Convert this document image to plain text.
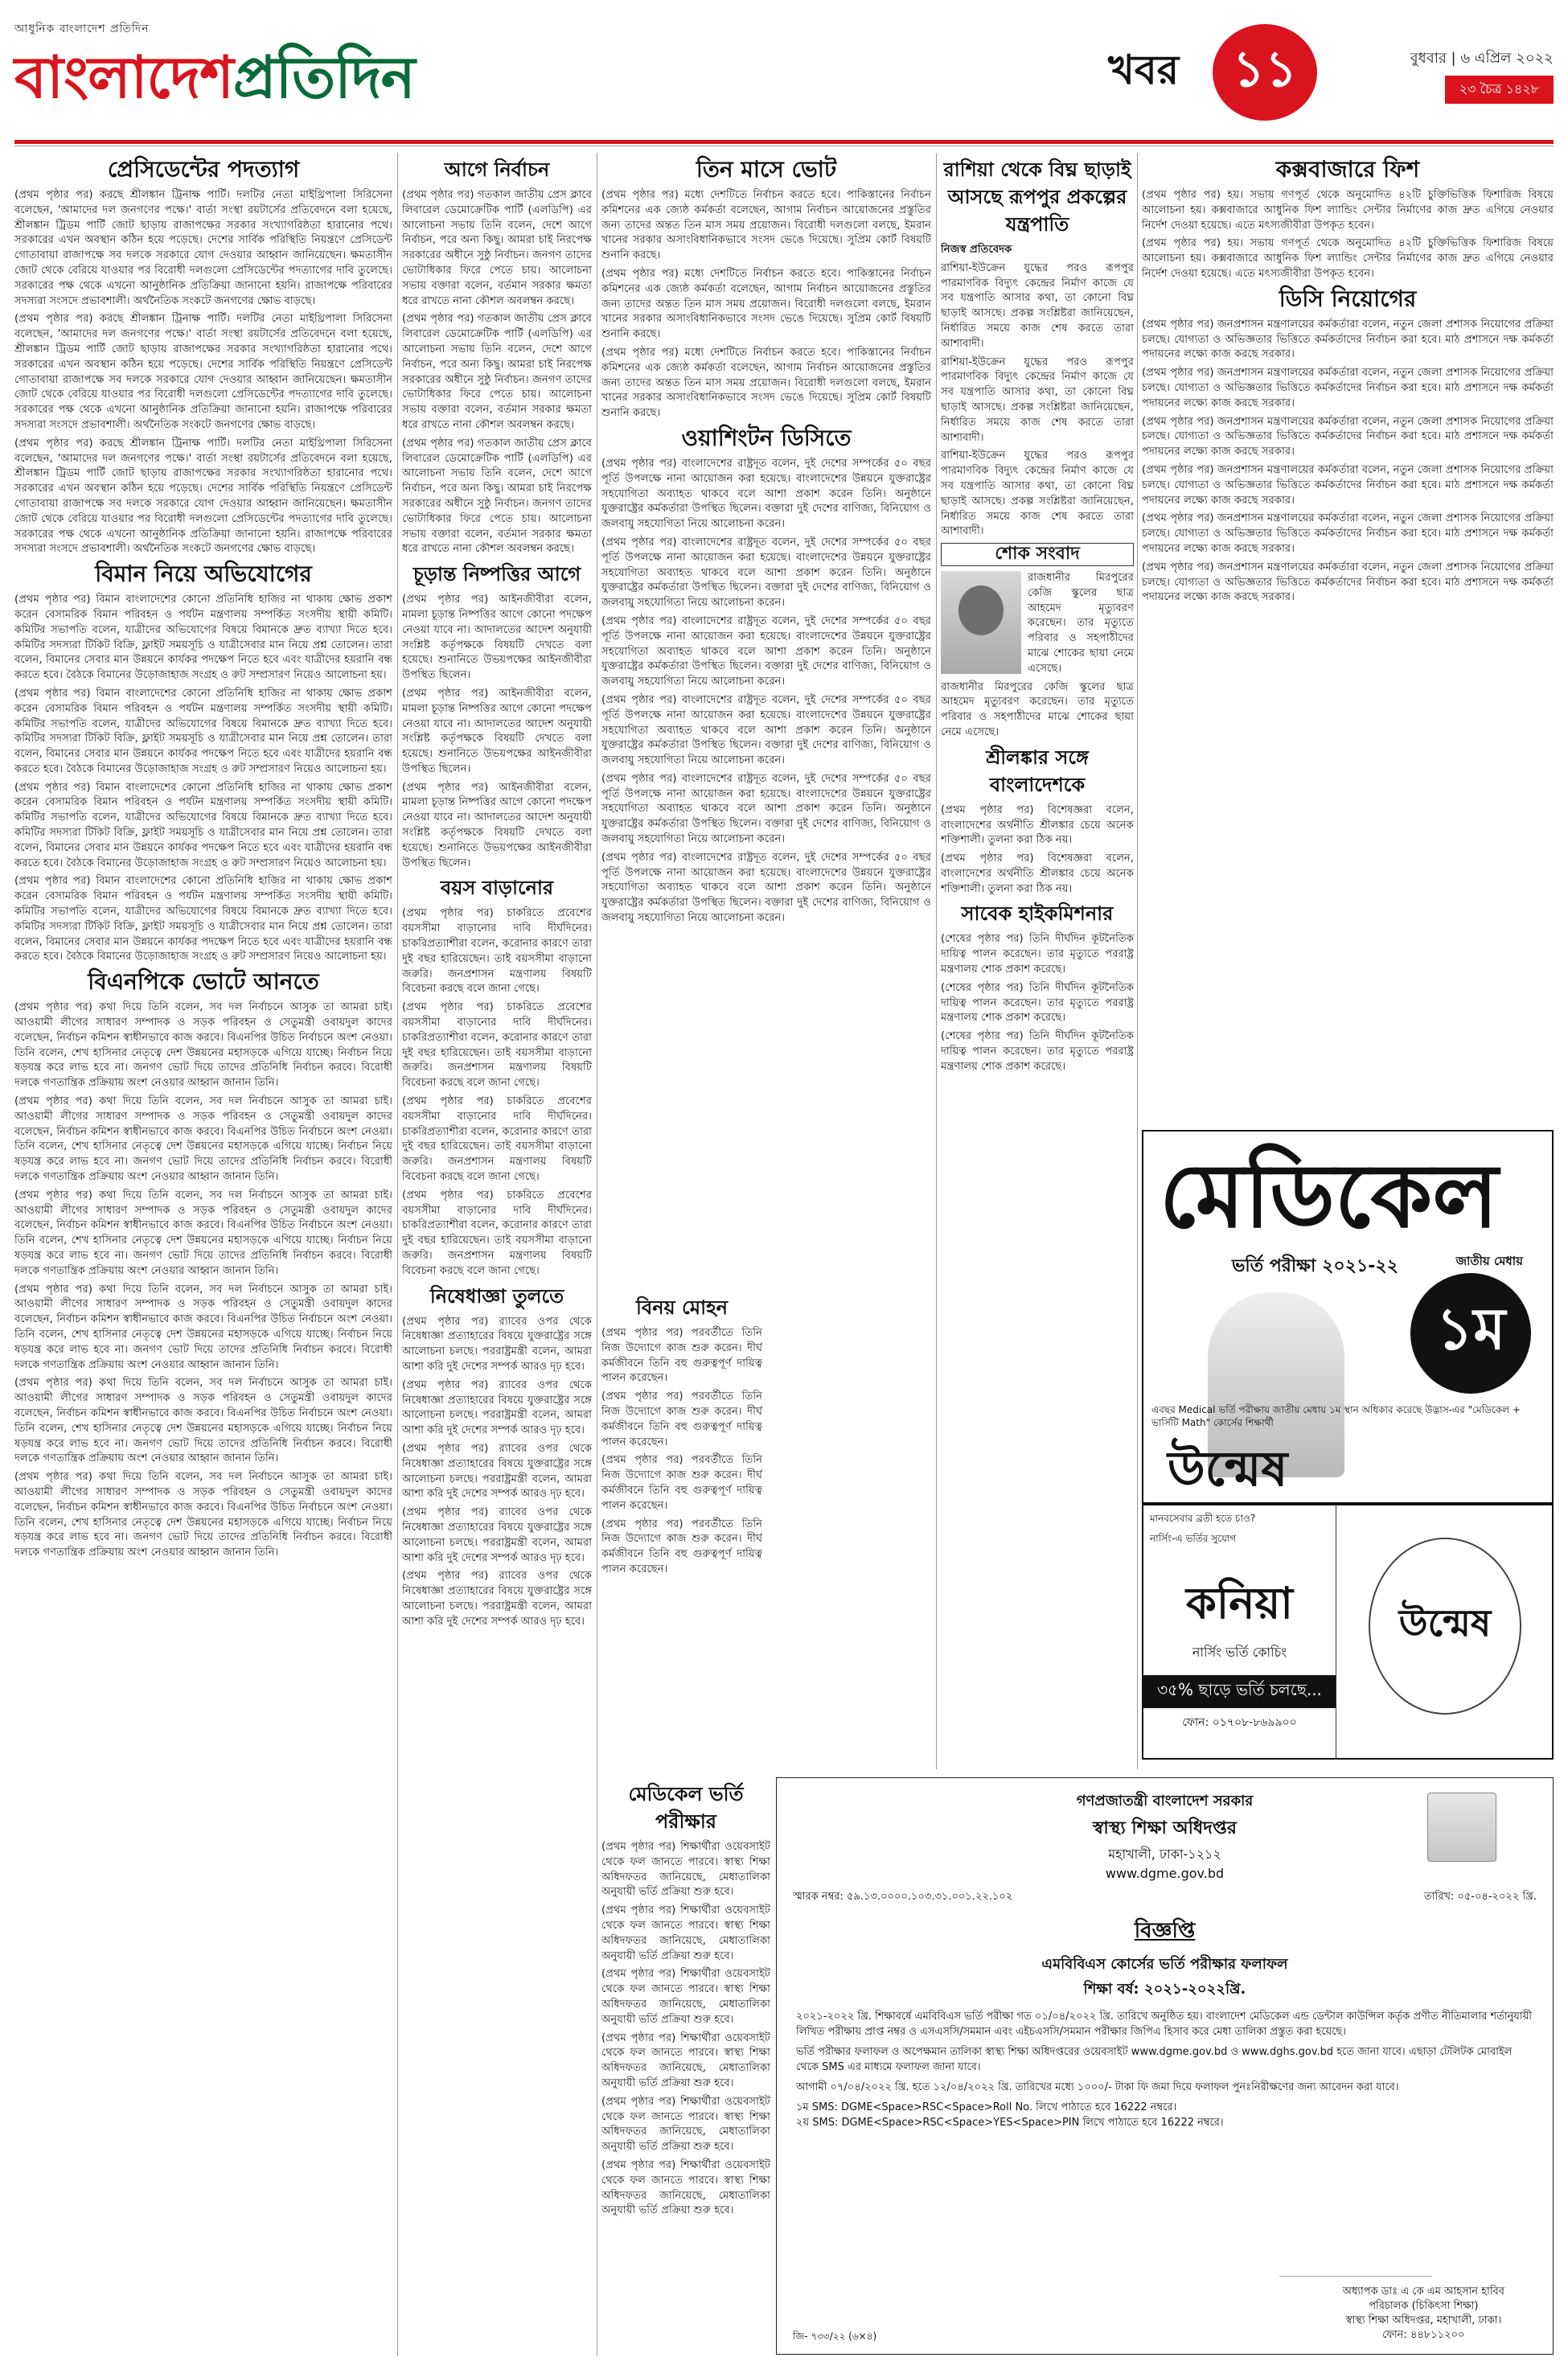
আধুনিক বাংলাদেশ প্রতিদিন
বাংলাদেশপ্রতিদিন	খবর	১১	বুধবার | ৬ এপ্রিল ২০২২
২৩ চৈত্র ১৪২৮
প্রেসিডেন্টের পদত্যাগ

(প্রথম পৃষ্ঠার পর) করছে শ্রীলঙ্কান ট্রিনাক্ষ পার্টি। দলটির নেতা মাইথ্রিপালা সিরিসেনা বলেছেন, 'আমাদের দল জনগণের পক্ষে।' বার্তা সংস্থা রয়টার্সের প্রতিবেদনে বলা হয়েছে, শ্রীলঙ্কান ট্রিডম পার্টি জোট ছাড়ায় রাজাপক্ষের সরকার সংখ্যাগরিষ্ঠতা হারানোর পথে। সরকারের এখন অবস্থান কঠিন হয়ে পড়েছে। দেশের সার্বিক পরিস্থিতি নিয়ন্ত্রণে প্রেসিডেন্ট গোতাবায়া রাজাপক্ষে সব দলকে সরকারে যোগ দেওয়ার আহ্বান জানিয়েছেন। ক্ষমতাসীন জোট থেকে বেরিয়ে যাওয়ার পর বিরোধী দলগুলো প্রেসিডেন্টের পদত্যাগের দাবি তুলেছে। সরকারের পক্ষ থেকে এখনো আনুষ্ঠানিক প্রতিক্রিয়া জানানো হয়নি। রাজাপক্ষে পরিবারের সদস্যরা সংসদে প্রভাবশালী। অর্থনৈতিক সংকটে জনগণের ক্ষোভ বাড়ছে।

(প্রথম পৃষ্ঠার পর) করছে শ্রীলঙ্কান ট্রিনাক্ষ পার্টি। দলটির নেতা মাইথ্রিপালা সিরিসেনা বলেছেন, 'আমাদের দল জনগণের পক্ষে।' বার্তা সংস্থা রয়টার্সের প্রতিবেদনে বলা হয়েছে, শ্রীলঙ্কান ট্রিডম পার্টি জোট ছাড়ায় রাজাপক্ষের সরকার সংখ্যাগরিষ্ঠতা হারানোর পথে। সরকারের এখন অবস্থান কঠিন হয়ে পড়েছে। দেশের সার্বিক পরিস্থিতি নিয়ন্ত্রণে প্রেসিডেন্ট গোতাবায়া রাজাপক্ষে সব দলকে সরকারে যোগ দেওয়ার আহ্বান জানিয়েছেন। ক্ষমতাসীন জোট থেকে বেরিয়ে যাওয়ার পর বিরোধী দলগুলো প্রেসিডেন্টের পদত্যাগের দাবি তুলেছে। সরকারের পক্ষ থেকে এখনো আনুষ্ঠানিক প্রতিক্রিয়া জানানো হয়নি। রাজাপক্ষে পরিবারের সদস্যরা সংসদে প্রভাবশালী। অর্থনৈতিক সংকটে জনগণের ক্ষোভ বাড়ছে।

(প্রথম পৃষ্ঠার পর) করছে শ্রীলঙ্কান ট্রিনাক্ষ পার্টি। দলটির নেতা মাইথ্রিপালা সিরিসেনা বলেছেন, 'আমাদের দল জনগণের পক্ষে।' বার্তা সংস্থা রয়টার্সের প্রতিবেদনে বলা হয়েছে, শ্রীলঙ্কান ট্রিডম পার্টি জোট ছাড়ায় রাজাপক্ষের সরকার সংখ্যাগরিষ্ঠতা হারানোর পথে। সরকারের এখন অবস্থান কঠিন হয়ে পড়েছে। দেশের সার্বিক পরিস্থিতি নিয়ন্ত্রণে প্রেসিডেন্ট গোতাবায়া রাজাপক্ষে সব দলকে সরকারে যোগ দেওয়ার আহ্বান জানিয়েছেন। ক্ষমতাসীন জোট থেকে বেরিয়ে যাওয়ার পর বিরোধী দলগুলো প্রেসিডেন্টের পদত্যাগের দাবি তুলেছে। সরকারের পক্ষ থেকে এখনো আনুষ্ঠানিক প্রতিক্রিয়া জানানো হয়নি। রাজাপক্ষে পরিবারের সদস্যরা সংসদে প্রভাবশালী। অর্থনৈতিক সংকটে জনগণের ক্ষোভ বাড়ছে।

বিমান নিয়ে অভিযোগের

(প্রথম পৃষ্ঠার পর) বিমান বাংলাদেশের কোনো প্রতিনিধি হাজির না থাকায় ক্ষোভ প্রকাশ করেন বেসামরিক বিমান পরিবহন ও পর্যটন মন্ত্রণালয় সম্পর্কিত সংসদীয় স্থায়ী কমিটি। কমিটির সভাপতি বলেন, যাত্রীদের অভিযোগের বিষয়ে বিমানকে দ্রুত ব্যাখ্যা দিতে হবে। কমিটির সদস্যরা টিকিট বিক্রি, ফ্লাইট সময়সূচি ও যাত্রীসেবার মান নিয়ে প্রশ্ন তোলেন। তারা বলেন, বিমানের সেবার মান উন্নয়নে কার্যকর পদক্ষেপ নিতে হবে এবং যাত্রীদের হয়রানি বন্ধ করতে হবে। বৈঠকে বিমানের উড়োজাহাজ সংগ্রহ ও রুট সম্প্রসারণ নিয়েও আলোচনা হয়।

(প্রথম পৃষ্ঠার পর) বিমান বাংলাদেশের কোনো প্রতিনিধি হাজির না থাকায় ক্ষোভ প্রকাশ করেন বেসামরিক বিমান পরিবহন ও পর্যটন মন্ত্রণালয় সম্পর্কিত সংসদীয় স্থায়ী কমিটি। কমিটির সভাপতি বলেন, যাত্রীদের অভিযোগের বিষয়ে বিমানকে দ্রুত ব্যাখ্যা দিতে হবে। কমিটির সদস্যরা টিকিট বিক্রি, ফ্লাইট সময়সূচি ও যাত্রীসেবার মান নিয়ে প্রশ্ন তোলেন। তারা বলেন, বিমানের সেবার মান উন্নয়নে কার্যকর পদক্ষেপ নিতে হবে এবং যাত্রীদের হয়রানি বন্ধ করতে হবে। বৈঠকে বিমানের উড়োজাহাজ সংগ্রহ ও রুট সম্প্রসারণ নিয়েও আলোচনা হয়।

(প্রথম পৃষ্ঠার পর) বিমান বাংলাদেশের কোনো প্রতিনিধি হাজির না থাকায় ক্ষোভ প্রকাশ করেন বেসামরিক বিমান পরিবহন ও পর্যটন মন্ত্রণালয় সম্পর্কিত সংসদীয় স্থায়ী কমিটি। কমিটির সভাপতি বলেন, যাত্রীদের অভিযোগের বিষয়ে বিমানকে দ্রুত ব্যাখ্যা দিতে হবে। কমিটির সদস্যরা টিকিট বিক্রি, ফ্লাইট সময়সূচি ও যাত্রীসেবার মান নিয়ে প্রশ্ন তোলেন। তারা বলেন, বিমানের সেবার মান উন্নয়নে কার্যকর পদক্ষেপ নিতে হবে এবং যাত্রীদের হয়রানি বন্ধ করতে হবে। বৈঠকে বিমানের উড়োজাহাজ সংগ্রহ ও রুট সম্প্রসারণ নিয়েও আলোচনা হয়।

(প্রথম পৃষ্ঠার পর) বিমান বাংলাদেশের কোনো প্রতিনিধি হাজির না থাকায় ক্ষোভ প্রকাশ করেন বেসামরিক বিমান পরিবহন ও পর্যটন মন্ত্রণালয় সম্পর্কিত সংসদীয় স্থায়ী কমিটি। কমিটির সভাপতি বলেন, যাত্রীদের অভিযোগের বিষয়ে বিমানকে দ্রুত ব্যাখ্যা দিতে হবে। কমিটির সদস্যরা টিকিট বিক্রি, ফ্লাইট সময়সূচি ও যাত্রীসেবার মান নিয়ে প্রশ্ন তোলেন। তারা বলেন, বিমানের সেবার মান উন্নয়নে কার্যকর পদক্ষেপ নিতে হবে এবং যাত্রীদের হয়রানি বন্ধ করতে হবে। বৈঠকে বিমানের উড়োজাহাজ সংগ্রহ ও রুট সম্প্রসারণ নিয়েও আলোচনা হয়।

বিএনপিকে ভোটে আনতে

(প্রথম পৃষ্ঠার পর) কথা দিয়ে তিনি বলেন, সব দল নির্বাচনে আসুক তা আমরা চাই। আওয়ামী লীগের সাধারণ সম্পাদক ও সড়ক পরিবহন ও সেতুমন্ত্রী ওবায়দুল কাদের বলেছেন, নির্বাচন কমিশন স্বাধীনভাবে কাজ করবে। বিএনপির উচিত নির্বাচনে অংশ নেওয়া। তিনি বলেন, শেখ হাসিনার নেতৃত্বে দেশ উন্নয়নের মহাসড়কে এগিয়ে যাচ্ছে। নির্বাচন নিয়ে ষড়যন্ত্র করে লাভ হবে না। জনগণ ভোট দিয়ে তাদের প্রতিনিধি নির্বাচন করবে। বিরোধী দলকে গণতান্ত্রিক প্রক্রিয়ায় অংশ নেওয়ার আহ্বান জানান তিনি।

(প্রথম পৃষ্ঠার পর) কথা দিয়ে তিনি বলেন, সব দল নির্বাচনে আসুক তা আমরা চাই। আওয়ামী লীগের সাধারণ সম্পাদক ও সড়ক পরিবহন ও সেতুমন্ত্রী ওবায়দুল কাদের বলেছেন, নির্বাচন কমিশন স্বাধীনভাবে কাজ করবে। বিএনপির উচিত নির্বাচনে অংশ নেওয়া। তিনি বলেন, শেখ হাসিনার নেতৃত্বে দেশ উন্নয়নের মহাসড়কে এগিয়ে যাচ্ছে। নির্বাচন নিয়ে ষড়যন্ত্র করে লাভ হবে না। জনগণ ভোট দিয়ে তাদের প্রতিনিধি নির্বাচন করবে। বিরোধী দলকে গণতান্ত্রিক প্রক্রিয়ায় অংশ নেওয়ার আহ্বান জানান তিনি।

(প্রথম পৃষ্ঠার পর) কথা দিয়ে তিনি বলেন, সব দল নির্বাচনে আসুক তা আমরা চাই। আওয়ামী লীগের সাধারণ সম্পাদক ও সড়ক পরিবহন ও সেতুমন্ত্রী ওবায়দুল কাদের বলেছেন, নির্বাচন কমিশন স্বাধীনভাবে কাজ করবে। বিএনপির উচিত নির্বাচনে অংশ নেওয়া। তিনি বলেন, শেখ হাসিনার নেতৃত্বে দেশ উন্নয়নের মহাসড়কে এগিয়ে যাচ্ছে। নির্বাচন নিয়ে ষড়যন্ত্র করে লাভ হবে না। জনগণ ভোট দিয়ে তাদের প্রতিনিধি নির্বাচন করবে। বিরোধী দলকে গণতান্ত্রিক প্রক্রিয়ায় অংশ নেওয়ার আহ্বান জানান তিনি।

(প্রথম পৃষ্ঠার পর) কথা দিয়ে তিনি বলেন, সব দল নির্বাচনে আসুক তা আমরা চাই। আওয়ামী লীগের সাধারণ সম্পাদক ও সড়ক পরিবহন ও সেতুমন্ত্রী ওবায়দুল কাদের বলেছেন, নির্বাচন কমিশন স্বাধীনভাবে কাজ করবে। বিএনপির উচিত নির্বাচনে অংশ নেওয়া। তিনি বলেন, শেখ হাসিনার নেতৃত্বে দেশ উন্নয়নের মহাসড়কে এগিয়ে যাচ্ছে। নির্বাচন নিয়ে ষড়যন্ত্র করে লাভ হবে না। জনগণ ভোট দিয়ে তাদের প্রতিনিধি নির্বাচন করবে। বিরোধী দলকে গণতান্ত্রিক প্রক্রিয়ায় অংশ নেওয়ার আহ্বান জানান তিনি।

(প্রথম পৃষ্ঠার পর) কথা দিয়ে তিনি বলেন, সব দল নির্বাচনে আসুক তা আমরা চাই। আওয়ামী লীগের সাধারণ সম্পাদক ও সড়ক পরিবহন ও সেতুমন্ত্রী ওবায়দুল কাদের বলেছেন, নির্বাচন কমিশন স্বাধীনভাবে কাজ করবে। বিএনপির উচিত নির্বাচনে অংশ নেওয়া। তিনি বলেন, শেখ হাসিনার নেতৃত্বে দেশ উন্নয়নের মহাসড়কে এগিয়ে যাচ্ছে। নির্বাচন নিয়ে ষড়যন্ত্র করে লাভ হবে না। জনগণ ভোট দিয়ে তাদের প্রতিনিধি নির্বাচন করবে। বিরোধী দলকে গণতান্ত্রিক প্রক্রিয়ায় অংশ নেওয়ার আহ্বান জানান তিনি।

(প্রথম পৃষ্ঠার পর) কথা দিয়ে তিনি বলেন, সব দল নির্বাচনে আসুক তা আমরা চাই। আওয়ামী লীগের সাধারণ সম্পাদক ও সড়ক পরিবহন ও সেতুমন্ত্রী ওবায়দুল কাদের বলেছেন, নির্বাচন কমিশন স্বাধীনভাবে কাজ করবে। বিএনপির উচিত নির্বাচনে অংশ নেওয়া। তিনি বলেন, শেখ হাসিনার নেতৃত্বে দেশ উন্নয়নের মহাসড়কে এগিয়ে যাচ্ছে। নির্বাচন নিয়ে ষড়যন্ত্র করে লাভ হবে না। জনগণ ভোট দিয়ে তাদের প্রতিনিধি নির্বাচন করবে। বিরোধী দলকে গণতান্ত্রিক প্রক্রিয়ায় অংশ নেওয়ার আহ্বান জানান তিনি।

আগে নির্বাচন

(প্রথম পৃষ্ঠার পর) গতকাল জাতীয় প্রেস ক্লাবে লিবারেল ডেমোক্রেটিক পার্টি (এলডিপি) এর আলোচনা সভায় তিনি বলেন, দেশে আগে নির্বাচন, পরে অন্য কিছু। আমরা চাই নিরপেক্ষ সরকারের অধীনে সুষ্ঠু নির্বাচন। জনগণ তাদের ভোটাধিকার ফিরে পেতে চায়। আলোচনা সভায় বক্তারা বলেন, বর্তমান সরকার ক্ষমতা ধরে রাখতে নানা কৌশল অবলম্বন করছে।

(প্রথম পৃষ্ঠার পর) গতকাল জাতীয় প্রেস ক্লাবে লিবারেল ডেমোক্রেটিক পার্টি (এলডিপি) এর আলোচনা সভায় তিনি বলেন, দেশে আগে নির্বাচন, পরে অন্য কিছু। আমরা চাই নিরপেক্ষ সরকারের অধীনে সুষ্ঠু নির্বাচন। জনগণ তাদের ভোটাধিকার ফিরে পেতে চায়। আলোচনা সভায় বক্তারা বলেন, বর্তমান সরকার ক্ষমতা ধরে রাখতে নানা কৌশল অবলম্বন করছে।

(প্রথম পৃষ্ঠার পর) গতকাল জাতীয় প্রেস ক্লাবে লিবারেল ডেমোক্রেটিক পার্টি (এলডিপি) এর আলোচনা সভায় তিনি বলেন, দেশে আগে নির্বাচন, পরে অন্য কিছু। আমরা চাই নিরপেক্ষ সরকারের অধীনে সুষ্ঠু নির্বাচন। জনগণ তাদের ভোটাধিকার ফিরে পেতে চায়। আলোচনা সভায় বক্তারা বলেন, বর্তমান সরকার ক্ষমতা ধরে রাখতে নানা কৌশল অবলম্বন করছে।

চূড়ান্ত নিষ্পত্তির আগে

(প্রথম পৃষ্ঠার পর) আইনজীবীরা বলেন, মামলা চূড়ান্ত নিষ্পত্তির আগে কোনো পদক্ষেপ নেওয়া যাবে না। আদালতের আদেশ অনুযায়ী সংশ্লিষ্ট কর্তৃপক্ষকে বিষয়টি দেখতে বলা হয়েছে। শুনানিতে উভয়পক্ষের আইনজীবীরা উপস্থিত ছিলেন।

(প্রথম পৃষ্ঠার পর) আইনজীবীরা বলেন, মামলা চূড়ান্ত নিষ্পত্তির আগে কোনো পদক্ষেপ নেওয়া যাবে না। আদালতের আদেশ অনুযায়ী সংশ্লিষ্ট কর্তৃপক্ষকে বিষয়টি দেখতে বলা হয়েছে। শুনানিতে উভয়পক্ষের আইনজীবীরা উপস্থিত ছিলেন।

(প্রথম পৃষ্ঠার পর) আইনজীবীরা বলেন, মামলা চূড়ান্ত নিষ্পত্তির আগে কোনো পদক্ষেপ নেওয়া যাবে না। আদালতের আদেশ অনুযায়ী সংশ্লিষ্ট কর্তৃপক্ষকে বিষয়টি দেখতে বলা হয়েছে। শুনানিতে উভয়পক্ষের আইনজীবীরা উপস্থিত ছিলেন।

বয়স বাড়ানোর

(প্রথম পৃষ্ঠার পর) চাকরিতে প্রবেশের বয়সসীমা বাড়ানোর দাবি দীর্ঘদিনের। চাকরিপ্রত্যাশীরা বলেন, করোনার কারণে তারা দুই বছর হারিয়েছেন। তাই বয়সসীমা বাড়ানো জরুরি। জনপ্রশাসন মন্ত্রণালয় বিষয়টি বিবেচনা করছে বলে জানা গেছে।

(প্রথম পৃষ্ঠার পর) চাকরিতে প্রবেশের বয়সসীমা বাড়ানোর দাবি দীর্ঘদিনের। চাকরিপ্রত্যাশীরা বলেন, করোনার কারণে তারা দুই বছর হারিয়েছেন। তাই বয়সসীমা বাড়ানো জরুরি। জনপ্রশাসন মন্ত্রণালয় বিষয়টি বিবেচনা করছে বলে জানা গেছে।

(প্রথম পৃষ্ঠার পর) চাকরিতে প্রবেশের বয়সসীমা বাড়ানোর দাবি দীর্ঘদিনের। চাকরিপ্রত্যাশীরা বলেন, করোনার কারণে তারা দুই বছর হারিয়েছেন। তাই বয়সসীমা বাড়ানো জরুরি। জনপ্রশাসন মন্ত্রণালয় বিষয়টি বিবেচনা করছে বলে জানা গেছে।

(প্রথম পৃষ্ঠার পর) চাকরিতে প্রবেশের বয়সসীমা বাড়ানোর দাবি দীর্ঘদিনের। চাকরিপ্রত্যাশীরা বলেন, করোনার কারণে তারা দুই বছর হারিয়েছেন। তাই বয়সসীমা বাড়ানো জরুরি। জনপ্রশাসন মন্ত্রণালয় বিষয়টি বিবেচনা করছে বলে জানা গেছে।

নিষেধাজ্ঞা তুলতে

(প্রথম পৃষ্ঠার পর) র‍্যাবের ওপর থেকে নিষেধাজ্ঞা প্রত্যাহারের বিষয়ে যুক্তরাষ্ট্রের সঙ্গে আলোচনা চলছে। পররাষ্ট্রমন্ত্রী বলেন, আমরা আশা করি দুই দেশের সম্পর্ক আরও দৃঢ় হবে।

(প্রথম পৃষ্ঠার পর) র‍্যাবের ওপর থেকে নিষেধাজ্ঞা প্রত্যাহারের বিষয়ে যুক্তরাষ্ট্রের সঙ্গে আলোচনা চলছে। পররাষ্ট্রমন্ত্রী বলেন, আমরা আশা করি দুই দেশের সম্পর্ক আরও দৃঢ় হবে।

(প্রথম পৃষ্ঠার পর) র‍্যাবের ওপর থেকে নিষেধাজ্ঞা প্রত্যাহারের বিষয়ে যুক্তরাষ্ট্রের সঙ্গে আলোচনা চলছে। পররাষ্ট্রমন্ত্রী বলেন, আমরা আশা করি দুই দেশের সম্পর্ক আরও দৃঢ় হবে।

(প্রথম পৃষ্ঠার পর) র‍্যাবের ওপর থেকে নিষেধাজ্ঞা প্রত্যাহারের বিষয়ে যুক্তরাষ্ট্রের সঙ্গে আলোচনা চলছে। পররাষ্ট্রমন্ত্রী বলেন, আমরা আশা করি দুই দেশের সম্পর্ক আরও দৃঢ় হবে।

(প্রথম পৃষ্ঠার পর) র‍্যাবের ওপর থেকে নিষেধাজ্ঞা প্রত্যাহারের বিষয়ে যুক্তরাষ্ট্রের সঙ্গে আলোচনা চলছে। পররাষ্ট্রমন্ত্রী বলেন, আমরা আশা করি দুই দেশের সম্পর্ক আরও দৃঢ় হবে।

তিন মাসে ভোট

(প্রথম পৃষ্ঠার পর) মধ্যে দেশটিতে নির্বাচন করতে হবে। পাকিস্তানের নির্বাচন কমিশনের এক জ্যেষ্ঠ কর্মকর্তা বলেছেন, আগাম নির্বাচন আয়োজনের প্রস্তুতির জন্য তাদের অন্তত তিন মাস সময় প্রয়োজন। বিরোধী দলগুলো বলছে, ইমরান খানের সরকার অসাংবিধানিকভাবে সংসদ ভেঙে দিয়েছে। সুপ্রিম কোর্ট বিষয়টি শুনানি করছে।

(প্রথম পৃষ্ঠার পর) মধ্যে দেশটিতে নির্বাচন করতে হবে। পাকিস্তানের নির্বাচন কমিশনের এক জ্যেষ্ঠ কর্মকর্তা বলেছেন, আগাম নির্বাচন আয়োজনের প্রস্তুতির জন্য তাদের অন্তত তিন মাস সময় প্রয়োজন। বিরোধী দলগুলো বলছে, ইমরান খানের সরকার অসাংবিধানিকভাবে সংসদ ভেঙে দিয়েছে। সুপ্রিম কোর্ট বিষয়টি শুনানি করছে।

(প্রথম পৃষ্ঠার পর) মধ্যে দেশটিতে নির্বাচন করতে হবে। পাকিস্তানের নির্বাচন কমিশনের এক জ্যেষ্ঠ কর্মকর্তা বলেছেন, আগাম নির্বাচন আয়োজনের প্রস্তুতির জন্য তাদের অন্তত তিন মাস সময় প্রয়োজন। বিরোধী দলগুলো বলছে, ইমরান খানের সরকার অসাংবিধানিকভাবে সংসদ ভেঙে দিয়েছে। সুপ্রিম কোর্ট বিষয়টি শুনানি করছে।

ওয়াশিংটন ডিসিতে

(প্রথম পৃষ্ঠার পর) বাংলাদেশের রাষ্ট্রদূত বলেন, দুই দেশের সম্পর্কের ৫০ বছর পূর্তি উপলক্ষে নানা আয়োজন করা হয়েছে। বাংলাদেশের উন্নয়নে যুক্তরাষ্ট্রের সহযোগিতা অব্যাহত থাকবে বলে আশা প্রকাশ করেন তিনি। অনুষ্ঠানে যুক্তরাষ্ট্রের কর্মকর্তারা উপস্থিত ছিলেন। বক্তারা দুই দেশের বাণিজ্য, বিনিয়োগ ও জলবায়ু সহযোগিতা নিয়ে আলোচনা করেন।

(প্রথম পৃষ্ঠার পর) বাংলাদেশের রাষ্ট্রদূত বলেন, দুই দেশের সম্পর্কের ৫০ বছর পূর্তি উপলক্ষে নানা আয়োজন করা হয়েছে। বাংলাদেশের উন্নয়নে যুক্তরাষ্ট্রের সহযোগিতা অব্যাহত থাকবে বলে আশা প্রকাশ করেন তিনি। অনুষ্ঠানে যুক্তরাষ্ট্রের কর্মকর্তারা উপস্থিত ছিলেন। বক্তারা দুই দেশের বাণিজ্য, বিনিয়োগ ও জলবায়ু সহযোগিতা নিয়ে আলোচনা করেন।

(প্রথম পৃষ্ঠার পর) বাংলাদেশের রাষ্ট্রদূত বলেন, দুই দেশের সম্পর্কের ৫০ বছর পূর্তি উপলক্ষে নানা আয়োজন করা হয়েছে। বাংলাদেশের উন্নয়নে যুক্তরাষ্ট্রের সহযোগিতা অব্যাহত থাকবে বলে আশা প্রকাশ করেন তিনি। অনুষ্ঠানে যুক্তরাষ্ট্রের কর্মকর্তারা উপস্থিত ছিলেন। বক্তারা দুই দেশের বাণিজ্য, বিনিয়োগ ও জলবায়ু সহযোগিতা নিয়ে আলোচনা করেন।

(প্রথম পৃষ্ঠার পর) বাংলাদেশের রাষ্ট্রদূত বলেন, দুই দেশের সম্পর্কের ৫০ বছর পূর্তি উপলক্ষে নানা আয়োজন করা হয়েছে। বাংলাদেশের উন্নয়নে যুক্তরাষ্ট্রের সহযোগিতা অব্যাহত থাকবে বলে আশা প্রকাশ করেন তিনি। অনুষ্ঠানে যুক্তরাষ্ট্রের কর্মকর্তারা উপস্থিত ছিলেন। বক্তারা দুই দেশের বাণিজ্য, বিনিয়োগ ও জলবায়ু সহযোগিতা নিয়ে আলোচনা করেন।

(প্রথম পৃষ্ঠার পর) বাংলাদেশের রাষ্ট্রদূত বলেন, দুই দেশের সম্পর্কের ৫০ বছর পূর্তি উপলক্ষে নানা আয়োজন করা হয়েছে। বাংলাদেশের উন্নয়নে যুক্তরাষ্ট্রের সহযোগিতা অব্যাহত থাকবে বলে আশা প্রকাশ করেন তিনি। অনুষ্ঠানে যুক্তরাষ্ট্রের কর্মকর্তারা উপস্থিত ছিলেন। বক্তারা দুই দেশের বাণিজ্য, বিনিয়োগ ও জলবায়ু সহযোগিতা নিয়ে আলোচনা করেন।

(প্রথম পৃষ্ঠার পর) বাংলাদেশের রাষ্ট্রদূত বলেন, দুই দেশের সম্পর্কের ৫০ বছর পূর্তি উপলক্ষে নানা আয়োজন করা হয়েছে। বাংলাদেশের উন্নয়নে যুক্তরাষ্ট্রের সহযোগিতা অব্যাহত থাকবে বলে আশা প্রকাশ করেন তিনি। অনুষ্ঠানে যুক্তরাষ্ট্রের কর্মকর্তারা উপস্থিত ছিলেন। বক্তারা দুই দেশের বাণিজ্য, বিনিয়োগ ও জলবায়ু সহযোগিতা নিয়ে আলোচনা করেন।

বিনয় মোহন

(প্রথম পৃষ্ঠার পর) পরবর্তীতে তিনি নিজ উদ্যোগে কাজ শুরু করেন। দীর্ঘ কর্মজীবনে তিনি বহু গুরুত্বপূর্ণ দায়িত্ব পালন করেছেন।

(প্রথম পৃষ্ঠার পর) পরবর্তীতে তিনি নিজ উদ্যোগে কাজ শুরু করেন। দীর্ঘ কর্মজীবনে তিনি বহু গুরুত্বপূর্ণ দায়িত্ব পালন করেছেন।

(প্রথম পৃষ্ঠার পর) পরবর্তীতে তিনি নিজ উদ্যোগে কাজ শুরু করেন। দীর্ঘ কর্মজীবনে তিনি বহু গুরুত্বপূর্ণ দায়িত্ব পালন করেছেন।

(প্রথম পৃষ্ঠার পর) পরবর্তীতে তিনি নিজ উদ্যোগে কাজ শুরু করেন। দীর্ঘ কর্মজীবনে তিনি বহু গুরুত্বপূর্ণ দায়িত্ব পালন করেছেন।

মেডিকেল ভর্তি পরীক্ষার

(প্রথম পৃষ্ঠার পর) শিক্ষার্থীরা ওয়েবসাইট থেকে ফল জানতে পারবে। স্বাস্থ্য শিক্ষা অধিদফতর জানিয়েছে, মেধাতালিকা অনুযায়ী ভর্তি প্রক্রিয়া শুরু হবে।

(প্রথম পৃষ্ঠার পর) শিক্ষার্থীরা ওয়েবসাইট থেকে ফল জানতে পারবে। স্বাস্থ্য শিক্ষা অধিদফতর জানিয়েছে, মেধাতালিকা অনুযায়ী ভর্তি প্রক্রিয়া শুরু হবে।

(প্রথম পৃষ্ঠার পর) শিক্ষার্থীরা ওয়েবসাইট থেকে ফল জানতে পারবে। স্বাস্থ্য শিক্ষা অধিদফতর জানিয়েছে, মেধাতালিকা অনুযায়ী ভর্তি প্রক্রিয়া শুরু হবে।

(প্রথম পৃষ্ঠার পর) শিক্ষার্থীরা ওয়েবসাইট থেকে ফল জানতে পারবে। স্বাস্থ্য শিক্ষা অধিদফতর জানিয়েছে, মেধাতালিকা অনুযায়ী ভর্তি প্রক্রিয়া শুরু হবে।

(প্রথম পৃষ্ঠার পর) শিক্ষার্থীরা ওয়েবসাইট থেকে ফল জানতে পারবে। স্বাস্থ্য শিক্ষা অধিদফতর জানিয়েছে, মেধাতালিকা অনুযায়ী ভর্তি প্রক্রিয়া শুরু হবে।

(প্রথম পৃষ্ঠার পর) শিক্ষার্থীরা ওয়েবসাইট থেকে ফল জানতে পারবে। স্বাস্থ্য শিক্ষা অধিদফতর জানিয়েছে, মেধাতালিকা অনুযায়ী ভর্তি প্রক্রিয়া শুরু হবে।

রাশিয়া থেকে বিঘ্ন ছাড়াই আসছে রূপপুর প্রকল্পের যন্ত্রপাতি

নিজস্ব প্রতিবেদক

রাশিয়া-ইউক্রেন যুদ্ধের পরও রূপপুর পারমাণবিক বিদ্যুৎ কেন্দ্রের নির্মাণ কাজে যে সব যন্ত্রপাতি আসার কথা, তা কোনো বিঘ্ন ছাড়াই আসছে। প্রকল্প সংশ্লিষ্টরা জানিয়েছেন, নির্ধারিত সময়ে কাজ শেষ করতে তারা আশাবাদী।

রাশিয়া-ইউক্রেন যুদ্ধের পরও রূপপুর পারমাণবিক বিদ্যুৎ কেন্দ্রের নির্মাণ কাজে যে সব যন্ত্রপাতি আসার কথা, তা কোনো বিঘ্ন ছাড়াই আসছে। প্রকল্প সংশ্লিষ্টরা জানিয়েছেন, নির্ধারিত সময়ে কাজ শেষ করতে তারা আশাবাদী।

রাশিয়া-ইউক্রেন যুদ্ধের পরও রূপপুর পারমাণবিক বিদ্যুৎ কেন্দ্রের নির্মাণ কাজে যে সব যন্ত্রপাতি আসার কথা, তা কোনো বিঘ্ন ছাড়াই আসছে। প্রকল্প সংশ্লিষ্টরা জানিয়েছেন, নির্ধারিত সময়ে কাজ শেষ করতে তারা আশাবাদী।

শোক সংবাদ

রাজধানীর মিরপুরের কেজি স্কুলের ছাত্র আহমেদ মৃত্যুবরণ করেছেন। তার মৃত্যুতে পরিবার ও সহপাঠীদের মাঝে শোকের ছায়া নেমে এসেছে।

রাজধানীর মিরপুরের কেজি স্কুলের ছাত্র আহমেদ মৃত্যুবরণ করেছেন। তার মৃত্যুতে পরিবার ও সহপাঠীদের মাঝে শোকের ছায়া নেমে এসেছে।

শ্রীলঙ্কার সঙ্গে বাংলাদেশকে

(প্রথম পৃষ্ঠার পর) বিশেষজ্ঞরা বলেন, বাংলাদেশের অর্থনীতি শ্রীলঙ্কার চেয়ে অনেক শক্তিশালী। তুলনা করা ঠিক নয়।

(প্রথম পৃষ্ঠার পর) বিশেষজ্ঞরা বলেন, বাংলাদেশের অর্থনীতি শ্রীলঙ্কার চেয়ে অনেক শক্তিশালী। তুলনা করা ঠিক নয়।

সাবেক হাইকমিশনার

(শেষের পৃষ্ঠার পর) তিনি দীর্ঘদিন কূটনৈতিক দায়িত্ব পালন করেছেন। তার মৃত্যুতে পররাষ্ট্র মন্ত্রণালয় শোক প্রকাশ করেছে।

(শেষের পৃষ্ঠার পর) তিনি দীর্ঘদিন কূটনৈতিক দায়িত্ব পালন করেছেন। তার মৃত্যুতে পররাষ্ট্র মন্ত্রণালয় শোক প্রকাশ করেছে।

(শেষের পৃষ্ঠার পর) তিনি দীর্ঘদিন কূটনৈতিক দায়িত্ব পালন করেছেন। তার মৃত্যুতে পররাষ্ট্র মন্ত্রণালয় শোক প্রকাশ করেছে।

কক্সবাজারে ফিশ

(প্রথম পৃষ্ঠার পর) হয়। সভায় গণপূর্ত থেকে অনুমোদিত ৪২টি চুক্তিভিত্তিক ফিশারিজ বিষয়ে আলোচনা হয়। কক্সবাজারে আধুনিক ফিশ ল্যান্ডিং সেন্টার নির্মাণের কাজ দ্রুত এগিয়ে নেওয়ার নির্দেশ দেওয়া হয়েছে। এতে মৎস্যজীবীরা উপকৃত হবেন।

(প্রথম পৃষ্ঠার পর) হয়। সভায় গণপূর্ত থেকে অনুমোদিত ৪২টি চুক্তিভিত্তিক ফিশারিজ বিষয়ে আলোচনা হয়। কক্সবাজারে আধুনিক ফিশ ল্যান্ডিং সেন্টার নির্মাণের কাজ দ্রুত এগিয়ে নেওয়ার নির্দেশ দেওয়া হয়েছে। এতে মৎস্যজীবীরা উপকৃত হবেন।

ডিসি নিয়োগের

(প্রথম পৃষ্ঠার পর) জনপ্রশাসন মন্ত্রণালয়ের কর্মকর্তারা বলেন, নতুন জেলা প্রশাসক নিয়োগের প্রক্রিয়া চলছে। যোগ্যতা ও অভিজ্ঞতার ভিত্তিতে কর্মকর্তাদের নির্বাচন করা হবে। মাঠ প্রশাসনে দক্ষ কর্মকর্তা পদায়নের লক্ষ্যে কাজ করছে সরকার।

(প্রথম পৃষ্ঠার পর) জনপ্রশাসন মন্ত্রণালয়ের কর্মকর্তারা বলেন, নতুন জেলা প্রশাসক নিয়োগের প্রক্রিয়া চলছে। যোগ্যতা ও অভিজ্ঞতার ভিত্তিতে কর্মকর্তাদের নির্বাচন করা হবে। মাঠ প্রশাসনে দক্ষ কর্মকর্তা পদায়নের লক্ষ্যে কাজ করছে সরকার।

(প্রথম পৃষ্ঠার পর) জনপ্রশাসন মন্ত্রণালয়ের কর্মকর্তারা বলেন, নতুন জেলা প্রশাসক নিয়োগের প্রক্রিয়া চলছে। যোগ্যতা ও অভিজ্ঞতার ভিত্তিতে কর্মকর্তাদের নির্বাচন করা হবে। মাঠ প্রশাসনে দক্ষ কর্মকর্তা পদায়নের লক্ষ্যে কাজ করছে সরকার।

(প্রথম পৃষ্ঠার পর) জনপ্রশাসন মন্ত্রণালয়ের কর্মকর্তারা বলেন, নতুন জেলা প্রশাসক নিয়োগের প্রক্রিয়া চলছে। যোগ্যতা ও অভিজ্ঞতার ভিত্তিতে কর্মকর্তাদের নির্বাচন করা হবে। মাঠ প্রশাসনে দক্ষ কর্মকর্তা পদায়নের লক্ষ্যে কাজ করছে সরকার।

(প্রথম পৃষ্ঠার পর) জনপ্রশাসন মন্ত্রণালয়ের কর্মকর্তারা বলেন, নতুন জেলা প্রশাসক নিয়োগের প্রক্রিয়া চলছে। যোগ্যতা ও অভিজ্ঞতার ভিত্তিতে কর্মকর্তাদের নির্বাচন করা হবে। মাঠ প্রশাসনে দক্ষ কর্মকর্তা পদায়নের লক্ষ্যে কাজ করছে সরকার।

(প্রথম পৃষ্ঠার পর) জনপ্রশাসন মন্ত্রণালয়ের কর্মকর্তারা বলেন, নতুন জেলা প্রশাসক নিয়োগের প্রক্রিয়া চলছে। যোগ্যতা ও অভিজ্ঞতার ভিত্তিতে কর্মকর্তাদের নির্বাচন করা হবে। মাঠ প্রশাসনে দক্ষ কর্মকর্তা পদায়নের লক্ষ্যে কাজ করছে সরকার।

মেডিকেল
ভর্তি পরীক্ষা ২০২১-২২
১ম
জাতীয় মেধায়
এবছর Medical ভর্তি পরীক্ষায় জাতীয় মেধায় ১ম স্থান অধিকার করেছে উদ্ভাস-এর "মেডিকেল + ভার্সিটি Math" কোর্সের শিক্ষার্থী
উন্মেষ
মানবসেবার ব্রতী হতে চাও?
নার্সিং-এ ভর্তির সুযোগ
কনিয়া
নার্সিং ভর্তি কোচিং
৩৫% ছাড়ে ভর্তি চলছে...
ফোন: ০১৭০৮-৮৬৯৯০০
উন্মেষ
গণপ্রজাতন্ত্রী বাংলাদেশ সরকার
স্বাস্থ্য শিক্ষা অধিদপ্তর
মহাখালী, ঢাকা-১২১২
www.dgme.gov.bd
স্মারক নম্বর: ৫৯.১৩.০০০০.১০৩.৩১.০০১.২২.১০২	তারিখ: ০৫-০৪-২০২২ খ্রি.
বিজ্ঞপ্তি
এমবিবিএস কোর্সের ভর্তি পরীক্ষার ফলাফল
শিক্ষা বর্ষ: ২০২১-২০২২খ্রি.

২০২১-২০২২ খ্রি. শিক্ষাবর্ষে এমবিবিএস ভর্তি পরীক্ষা গত ০১/০৪/২০২২ খ্রি. তারিখে অনুষ্ঠিত হয়। বাংলাদেশ মেডিকেল এন্ড ডেন্টাল কাউন্সিল কর্তৃক প্রণীত নীতিমালার শর্তানুযায়ী লিখিত পরীক্ষায় প্রাপ্ত নম্বর ও এসএসসি/সমমান এবং এইচএসসি/সমমান পরীক্ষার জিপিএ হিসাব করে মেধা তালিকা প্রস্তুত করা হয়েছে।

ভর্তি পরীক্ষার ফলাফল ও অপেক্ষমান তালিকা স্বাস্থ্য শিক্ষা অধিদপ্তরের ওয়েবসাইট www.dgme.gov.bd ও www.dghs.gov.bd হতে জানা যাবে। এছাড়া টেলিটক মোবাইল থেকে SMS এর মাধ্যমে ফলাফল জানা যাবে।

আগামী ০৭/০৪/২০২২ খ্রি. হতে ১২/০৪/২০২২ খ্রি. তারিখের মধ্যে ১০০০/- টাকা ফি জমা দিয়ে ফলাফল পুনঃনিরীক্ষণের জন্য আবেদন করা যাবে।

১ম SMS: DGME<Space>RSC<Space>Roll No. লিখে পাঠাতে হবে 16222 নম্বরে।

২য় SMS: DGME<Space>RSC<Space>YES<Space>PIN লিখে পাঠাতে হবে 16222 নম্বরে।

অধ্যাপক ডাঃ এ কে এম আহসান হাবিব
পরিচালক (চিকিৎসা শিক্ষা)
স্বাস্থ্য শিক্ষা অধিদপ্তর, মহাখালী, ঢাকা।
ফোন: ৪৪৮১১২০০
জি- ৭৩৩/২২ (৬×৪)
